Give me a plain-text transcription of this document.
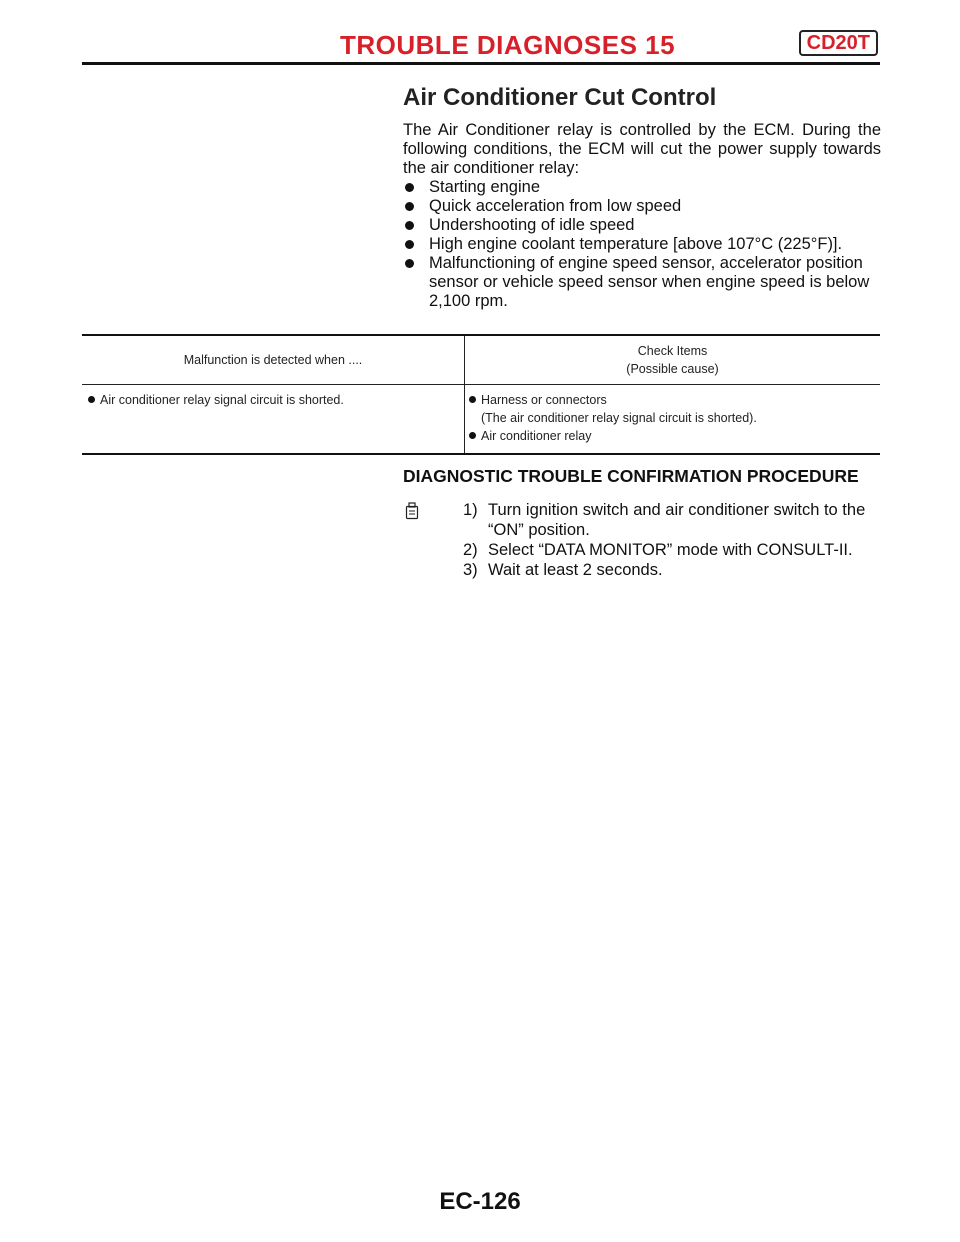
TROUBLE DIAGNOSES 15	CD20T
Air Conditioner Cut Control

The Air Conditioner relay is controlled by the ECM. During the following conditions, the ECM will cut the power supply towards the air conditioner relay:

Starting engine
Quick acceleration from low speed
Undershooting of idle speed
High engine coolant temperature [above 107°C (225°F)].
Malfunctioning of engine speed sensor, accelerator position sensor or vehicle speed sensor when engine speed is below 2,100 rpm.
Malfunction is detected when ....	Check Items
(Possible cause)

Air conditioner relay signal circuit is shorted.	Harness or connectors
(The air conditioner relay signal circuit is shorted).
Air conditioner relay
DIAGNOSTIC TROUBLE CONFIRMATION PROCEDURE
1) Turn ignition switch and air conditioner switch to the “ON” position.
2) Select “DATA MONITOR” mode with CONSULT-II.
3) Wait at least 2 seconds.
EC-126
